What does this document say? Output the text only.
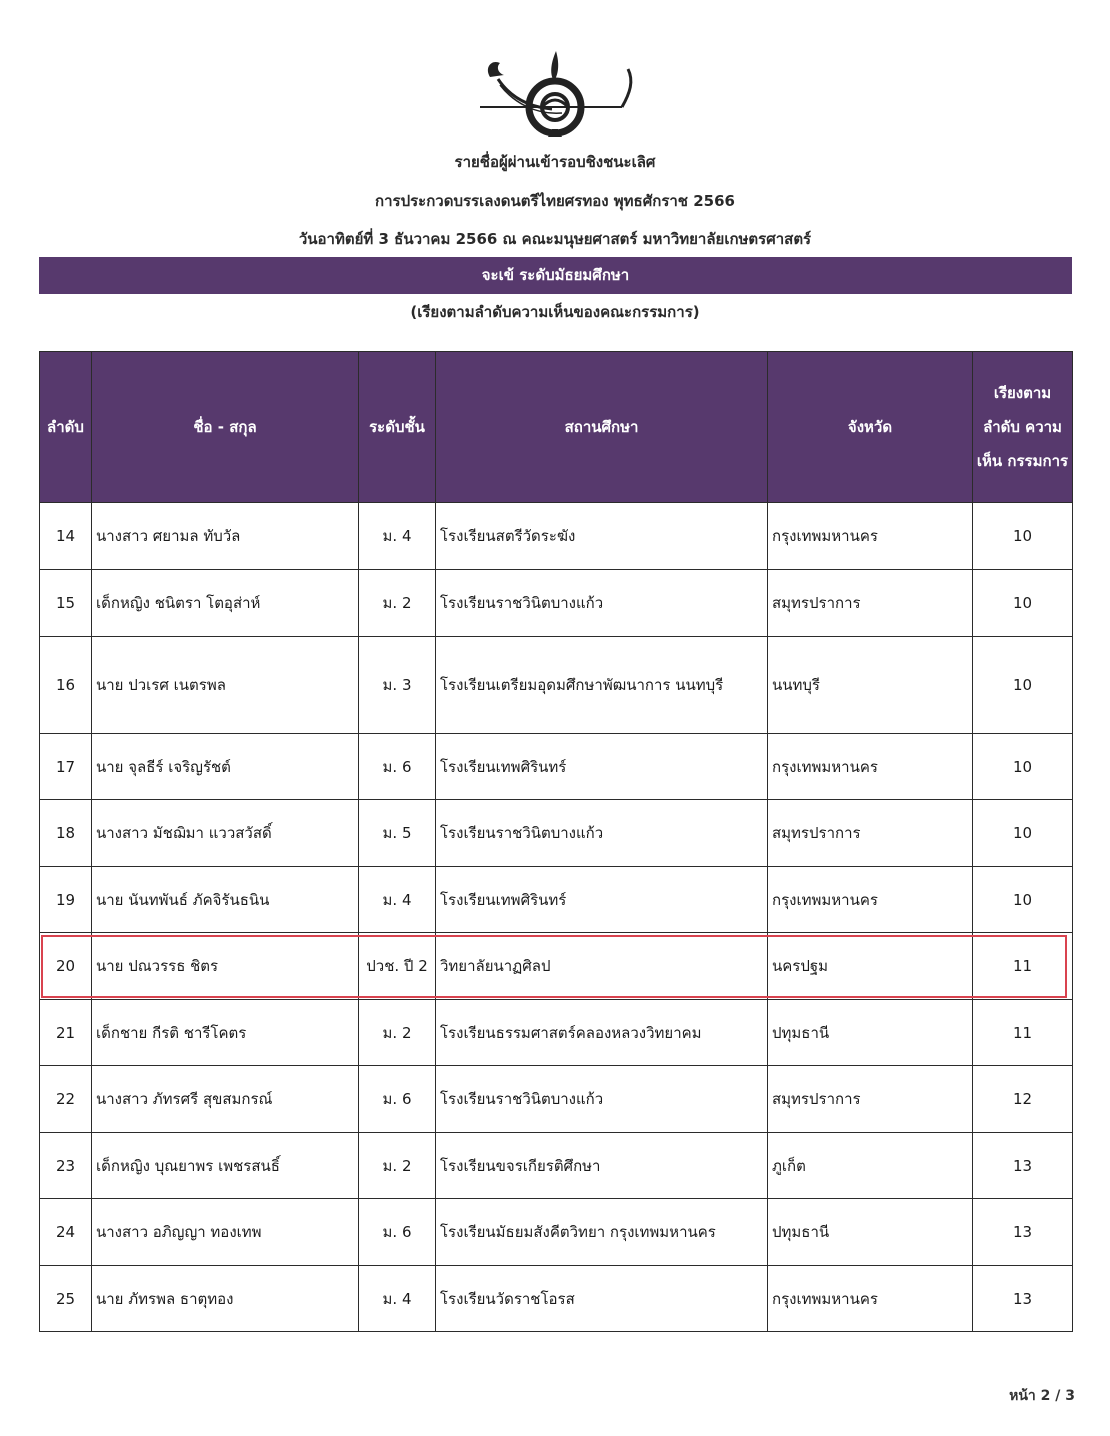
รายชื่อผู้ผ่านเข้ารอบชิงชนะเลิศ
การประกวดบรรเลงดนตรีไทยศรทอง พุทธศักราช 2566
วันอาทิตย์ที่ 3 ธันวาคม 2566 ณ คณะมนุษยศาสตร์ มหาวิทยาลัยเกษตรศาสตร์
จะเข้ ระดับมัธยมศึกษา
(เรียงตามลำดับความเห็นของคณะกรรมการ)
ลำดับ	ชื่อ - สกุล	ระดับชั้น	สถานศึกษา	จังหวัด	เรียงตาม ลำดับ ความเห็น กรรมการ
14	นางสาว ศยามล ทับวัล	ม. 4	โรงเรียนสตรีวัดระฆัง	กรุงเทพมหานคร	10
15	เด็กหญิง ชนิตรา โตอุส่าห์	ม. 2	โรงเรียนราชวินิตบางแก้ว	สมุทรปราการ	10
16	นาย ปวเรศ เนตรพล	ม. 3	โรงเรียนเตรียมอุดมศึกษาพัฒนาการ นนทบุรี	นนทบุรี	10
17	นาย จุลธีร์ เจริญรัชต์	ม. 6	โรงเรียนเทพศิรินทร์	กรุงเทพมหานคร	10
18	นางสาว มัชฌิมา แววสวัสดิ์	ม. 5	โรงเรียนราชวินิตบางแก้ว	สมุทรปราการ	10
19	นาย นันทพันธ์ ภัคจิรันธนิน	ม. 4	โรงเรียนเทพศิรินทร์	กรุงเทพมหานคร	10
20	นาย ปณวรรธ ชิตร	ปวช. ปี 2	วิทยาลัยนาฏศิลป	นครปฐม	11
21	เด็กชาย กีรติ ชารีโคตร	ม. 2	โรงเรียนธรรมศาสตร์คลองหลวงวิทยาคม	ปทุมธานี	11
22	นางสาว ภัทรศรี สุขสมกรณ์	ม. 6	โรงเรียนราชวินิตบางแก้ว	สมุทรปราการ	12
23	เด็กหญิง บุณยาพร เพชรสนธิ์	ม. 2	โรงเรียนขจรเกียรติศึกษา	ภูเก็ต	13
24	นางสาว อภิญญา ทองเทพ	ม. 6	โรงเรียนมัธยมสังคีตวิทยา กรุงเทพมหานคร	ปทุมธานี	13
25	นาย ภัทรพล ธาตุทอง	ม. 4	โรงเรียนวัดราชโอรส	กรุงเทพมหานคร	13
หน้า 2 / 3
